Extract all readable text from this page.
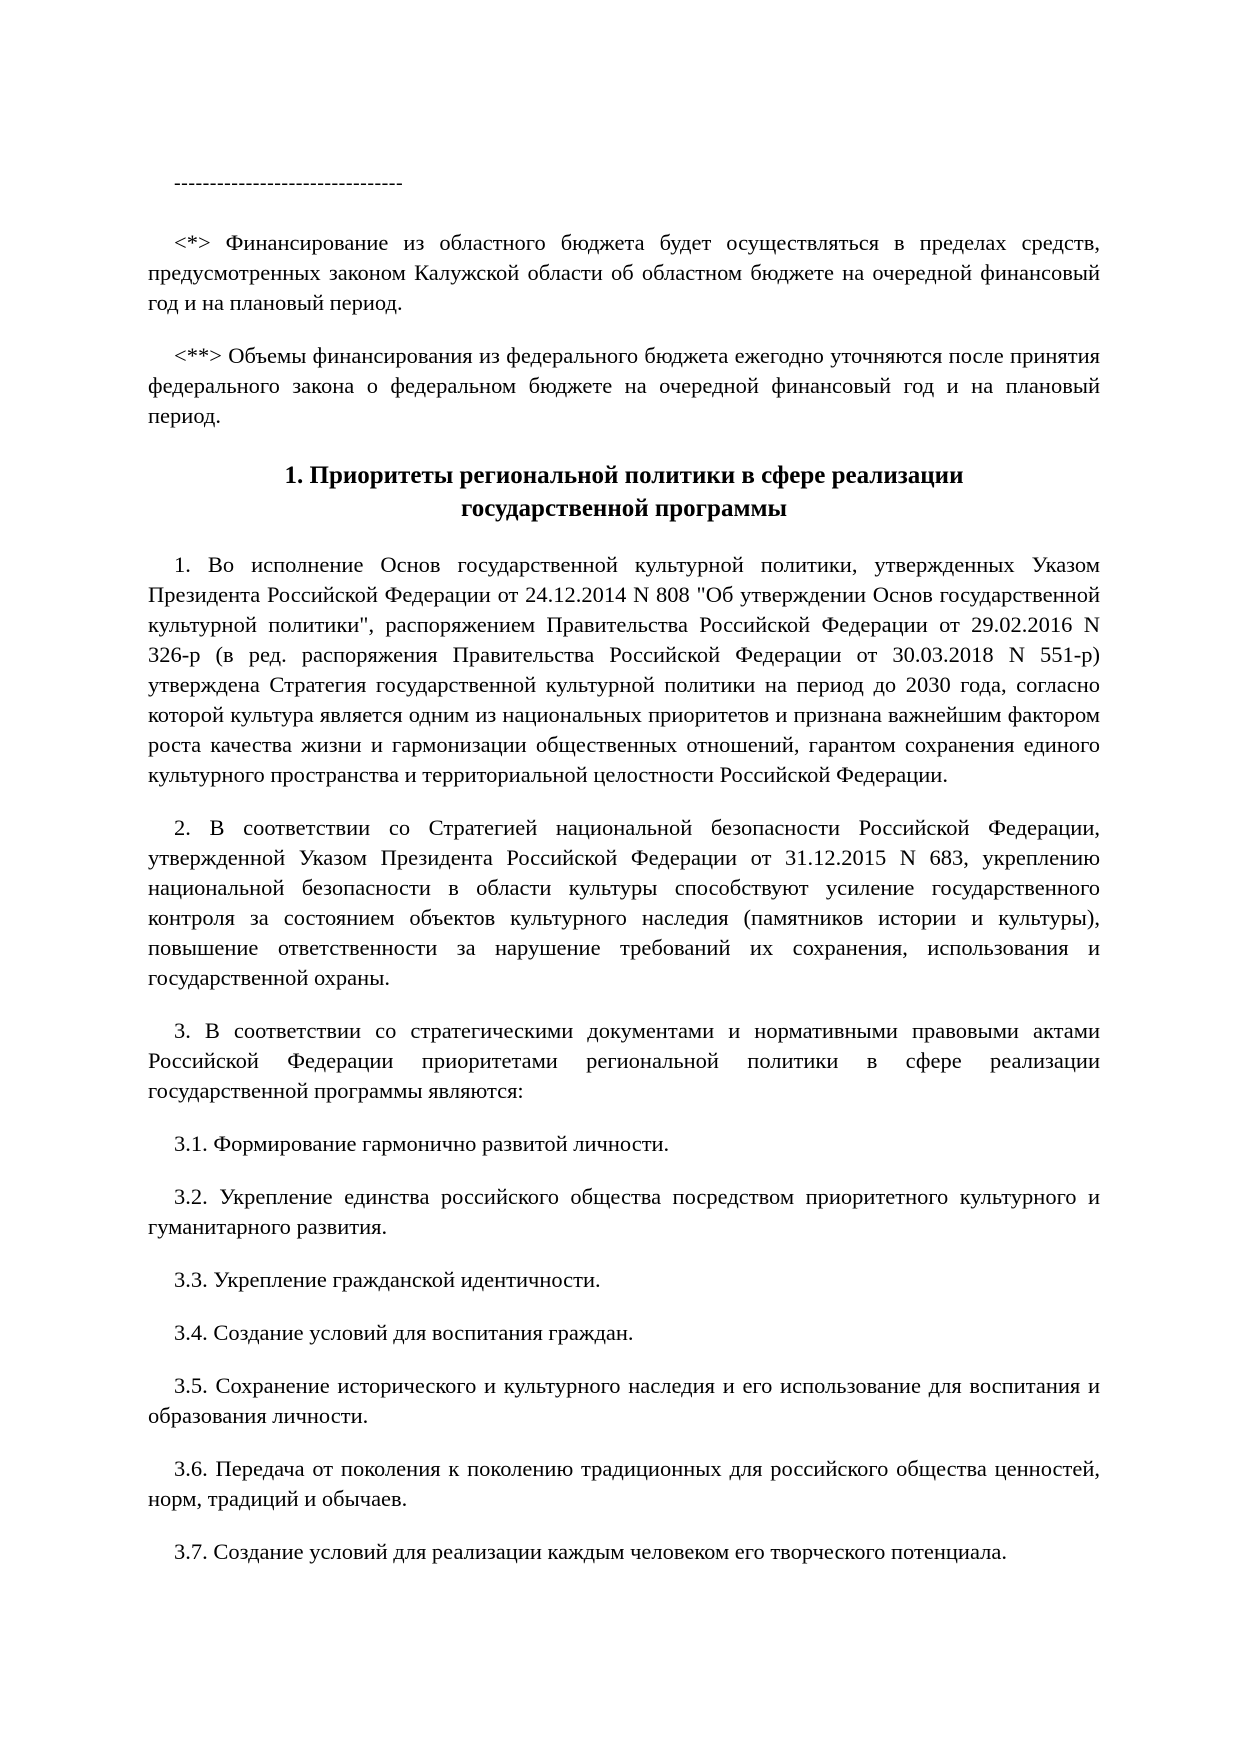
--------------------------------

<*> Финансирование из областного бюджета будет осуществляться в пределах средств, предусмотренных законом Калужской области об областном бюджете на очередной финансовый год и на плановый период.

<**> Объемы финансирования из федерального бюджета ежегодно уточняются после принятия федерального закона о федеральном бюджете на очередной финансовый год и на плановый период.

1. Приоритеты региональной политики в сфере реализации
государственной программы

1. Во исполнение Основ государственной культурной политики, утвержденных Указом Президента Российской Федерации от 24.12.2014 N 808 "Об утверждении Основ государственной культурной политики", распоряжением Правительства Российской Федерации от 29.02.2016 N 326-р (в ред. распоряжения Правительства Российской Федерации от 30.03.2018 N 551-р) утверждена Стратегия государственной культурной политики на период до 2030 года, согласно которой культура является одним из национальных приоритетов и признана важнейшим фактором роста качества жизни и гармонизации общественных отношений, гарантом сохранения единого культурного пространства и территориальной целостности Российской Федерации.

2. В соответствии со Стратегией национальной безопасности Российской Федерации, утвержденной Указом Президента Российской Федерации от 31.12.2015 N 683, укреплению национальной безопасности в области культуры способствуют усиление государственного контроля за состоянием объектов культурного наследия (памятников истории и культуры), повышение ответственности за нарушение требований их сохранения, использования и государственной охраны.

3. В соответствии со стратегическими документами и нормативными правовыми актами Российской Федерации приоритетами региональной политики в сфере реализации государственной программы являются:

3.1. Формирование гармонично развитой личности.

3.2. Укрепление единства российского общества посредством приоритетного культурного и гуманитарного развития.

3.3. Укрепление гражданской идентичности.

3.4. Создание условий для воспитания граждан.

3.5. Сохранение исторического и культурного наследия и его использование для воспитания и образования личности.

3.6. Передача от поколения к поколению традиционных для российского общества ценностей, норм, традиций и обычаев.

3.7. Создание условий для реализации каждым человеком его творческого потенциала.
